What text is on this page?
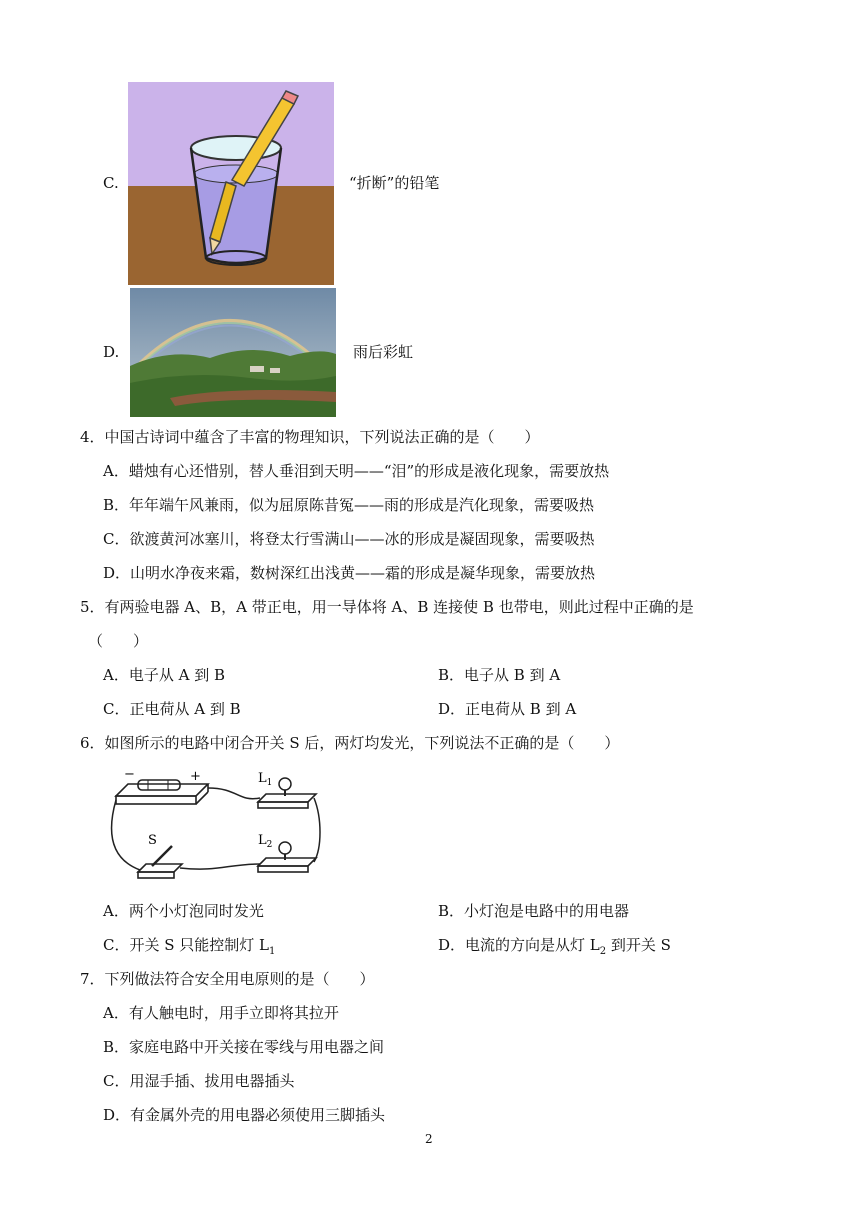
C.	“折断”的铅笔
D.	雨后彩虹
4．中国古诗词中蕴含了丰富的物理知识，下列说法正确的是（　　）
A．蜡烛有心还惜别，替人垂泪到天明——“泪”的形成是液化现象，需要放热
B．年年端午风兼雨，似为屈原陈昔冤——雨的形成是汽化现象，需要吸热
C．欲渡黄河冰塞川，将登太行雪满山——冰的形成是凝固现象，需要吸热
D．山明水净夜来霜，数树深红出浅黄——霜的形成是凝华现象，需要放热
5．有两验电器 A、B，A 带正电，用一导体将 A、B 连接使 B 也带电，则此过程中正确的是
（　　）
A．电子从 A 到 B	B．电子从 B 到 A
C．正电荷从 A 到 B	D．正电荷从 B 到 A
6．如图所示的电路中闭合开关 S 后，两灯均发光，下列说法不正确的是（　　）
−	+	$L_1$
$L_2$
S
A．两个小灯泡同时发光	B．小灯泡是电路中的用电器
C．开关 S 只能控制灯 $L_1$	D．电流的方向是从灯 $L_2$ 到开关 S
7．下列做法符合安全用电原则的是（　　）
A．有人触电时，用手立即将其拉开
B．家庭电路中开关接在零线与用电器之间
C．用湿手插、拔用电器插头
D．有金属外壳的用电器必须使用三脚插头
2
